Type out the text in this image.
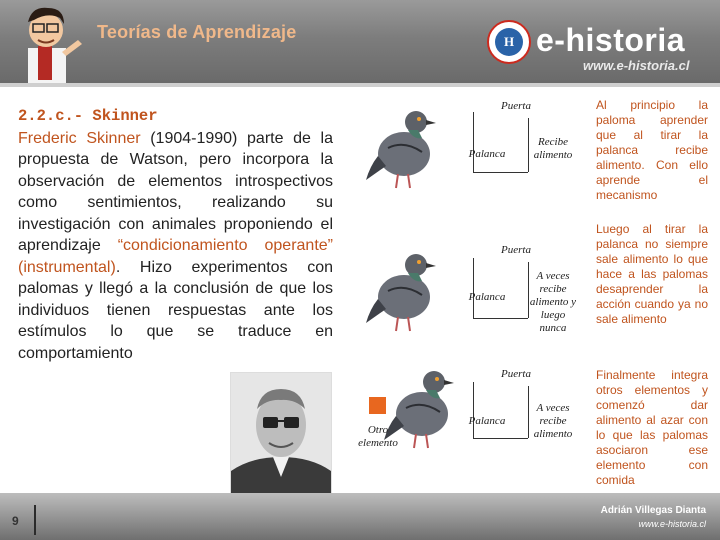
Teorías de Aprendizaje	H e-historia
www.e-historia.cl
2.2.c.- Skinner
Frederic Skinner (1904-1990) parte de la propuesta de Watson, pero incorpora la observación de elementos introspectivos como sentimientos, realizando su investigación con animales proponiendo el aprendizaje “condicionamiento operante” (instrumental). Hizo experimentos con palomas y llegó a la conclusión de que los individuos tienen respuestas ante los estímulos lo que se traduce en comportamiento
Puerta
Palanca
Recibe alimento
Puerta
Palanca
A veces recibe alimento y luego nunca
Otro elemento
Puerta
Palanca
A veces recibe alimento
Al principio la paloma aprender que al tirar la palanca recibe alimento. Con ello aprende el mecanismo
Luego al tirar la palanca no siempre sale alimento lo que hace a las palomas desaprender la acción cuando ya no sale alimento
Finalmente integra otros elementos y comenzó dar alimento al azar con lo que las palomas asociaron ese elemento con comida
9
Adrián Villegas Dianta
www.e-historia.cl
